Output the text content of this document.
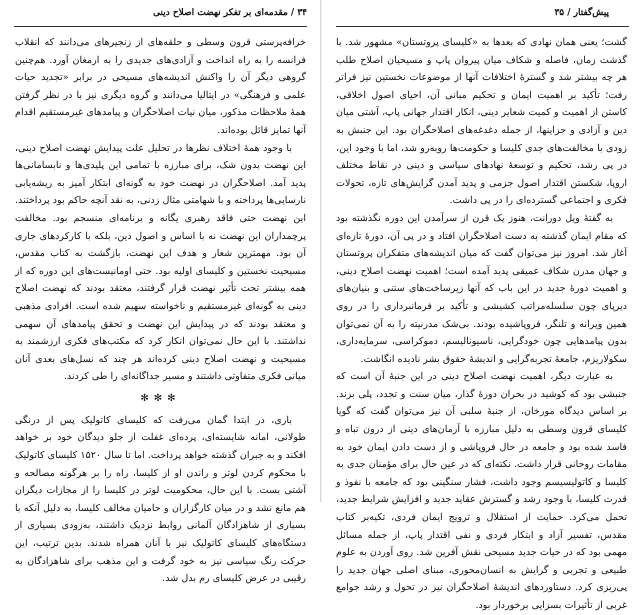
۳۴ / مقدمه‌ای بر تفکر نهضت اصلاح دینی

خرافه‌پرستی قرون وسطی و حلقه‌های از زنجیرهای می‌دانند که انقلاب فرانسه را به راه انداخت و آزادی‌های جدیدی را به ارمغان آورد. هم‌چنین گروهی دیگر آن را واکنش اندیشه‌های مسیحی در برابر «تجدید حیات علمی و فرهنگی» در ایتالیا می‌دانند و گروه دیگری نیز با در نظر گرفتن همهٔ ملاحظات مذکور، میان نیات اصلاحگران و پیامدهای غیرمستقیم اقدام آنها تمایز قائل بوده‌اند.

با وجود همهٔ اختلاف نظرها در تحلیل علت پیدایش نهضت اصلاح دینی، این نهضت بدون شک، برای مبارزه با تمامی این پلیدی‌ها و نابسامانی‌ها پدید آمد. اصلاحگران در نهضت خود به گونه‌ای ابتکار آمیز به ریشه‌یابی نارسایی‌ها پرداخته و با شهامتی مثال زدنی، به نقد آنچه حاکم بود پرداختند. این نهضت حتی فاقد رهبری یگانه و برنامه‌ای منسجم بود. مخالفت پرچمداران این نهضت نه با اساس و اصول دین، بلکه با کارکردهای جاری آن بود. مهمترین شعار و هدف این نهضت، بازگشت به کتاب مقدس، مسیحیت نخستین و کلیسای اولیه بود. حتی اومانیست‌های این دوره که از همه بیشتر تحت تأثیر نهضت قرار گرفتند، معتقد بودند که نهضت اصلاح دینی به گونه‌ای غیرمستقیم و ناخواسته سهیم شده است. افرادی مذهبی و معتقد بودند که در پیدایش این نهضت و تحقق پیامدهای آن سهمی نداشتند. با این حال نمی‌توان انکار کرد که مکتب‌های فکری ارزشمند به مسیحیت و نهضت اصلاح دینی کرده‌اند هر چند که نسل‌های بعدی آنان میانی فکری متفاوتی داشتند و مسیر جداگانه‌ای را طی کردند.

✻✻✻

باری، در ابتدا گمان می‌رفت که کلیسای کاتولیک پس از درنگی طولانی، امانه شایسته‌ای، پرده‌ای غفلت از جلو دیدگان خود بر خواهد افکند و به جبران گذشته خواهد پرداخت. اما تا سال ۱۵۲۰ کلیسای کاتولیک با محکوم کردن لوتر و راندن او از کلیسا، راه را بر هرگونه مصالحه و آشتی بست. با این حال، محکومیت لوتر در کلیسا را از مجازات دیگران هم مانع نشد و در میان کارگزاران و حامیان مخالف کلیسا، به دلیل آنکه با بسیاری از شاهزادگان آلمانی روابط نزدیک داشتند، به‌زودی بسیاری از دستگاه‌های کلیسای کاتولیک نیز با آنان همراه شدند. بدین ترتیب، این حرکت رنگ سیاسی نیز به خود گرفت و این مذهب برای شاهزادگان به رقیبی در عرض کلیسای رم بدل شد.

پیش‌گفتار / ۳۵

گشت؛ یعنی همان نهادی که بعدها به «کلیسای پروتستان» مشهور شد. با گذشت زمان، فاصله و شکاف میان پیروان پاپ و مسیحیان اصلاح طلب هر چه بیشتر شد و گسترهٔ اختلافات آنها از موضوعات نخستین نیز فراتر رفت؛ تأکید بر اهمیت ایمان و تحکیم مبانی آن، احیای اصول اخلاقی، کاستن از اهمیت و کمیت شعایر دینی، انکار اقتدار جهانی پاپ، آشتی میان دین و آزادی و جزاینها، از جمله دغدغه‌های اصلاحگران بود. این جنبش به زودی با مخالفت‌های جدی کلیسا و حکومت‌ها روبه‌رو شد، اما با وجود این، در پی رشد، تحکیم و توسعهٔ نهادهای سیاسی و دینی در نقاط مختلف اروپا، شکستن اقتدار اصول جزمی و پدید آمدن گرایش‌های تازه، تحولات فکری و اجتماعی گسترده‌ای را در پی داشت.

به گفتهٔ ویل دورانت، هنوز یک قرن از سرآمدن این دوره نگذشته بود که مقام ایمان گذشته به دست اصلاحگران افتاد و در پی آن، دورهٔ تازه‌ای آغاز شد. امروز نیز می‌توان گفت که میان اندیشه‌های متفکران پروتستان و جهان مدرن شکاف عمیقی پدید آمده است؛ اهمیت نهضت اصلاح دینی، و اهمیت دورهٔ جدید در این باب که آنها زیرساخت‌های ستنی و بنیان‌های دیرپای چون سلسله‌مراتب کشیشی و تأکید بر فرمانبرداری را در روی همین ویرانه و تلنگر، فروپاشیده بودند. بی‌شک مدرنیته را به آن نمی‌توان بدون پیامدهایی چون خودگرایی، ناسیونالیسم، دموکراسی، سرمایه‌داری، سکولاریزم، جامعهٔ تجربه‌گرایی و اندیشهٔ حقوق بشر نادیده انگاشت.

به عبارت دیگر، اهمیت نهضت اصلاح دینی در این جنبهٔ آن است که جنبشی بود که کوشید در بحران دورهٔ گذار، میان سنت و تجدد، پلی بزند. بر اساس دیدگاه مورخان، از جنبهٔ سلبی آن نیز می‌توان گفت که گویا کلیسای قرون وسطی به دلیل مبارزه با آرمان‌های دینی از درون تباه و فاسد شده بود و جامعه در حال فروپاشی و از دست دادن ایمان خود به مقامات روحانی قرار داشت. نکته‌ای که در عین حال برای مؤمنان جدی به کلیسا و کاتولیسیسم وجود داشت، فشار سنگینی بود که جامعه با نفوذ و قدرت کلیسا، با وجود رشد و گسترش عقاید جدید و افزایش شرایط جدید، تحمل می‌کرد. حمایت از استقلال و ترویج ایمان فردی، تکیه‌بر کتاب مقدس، تفسیر آزاد و ابتکار فردی و نفی اقتدار پاپ، از جمله مسائل مهمی بود که در حیات جدید مسیحی نقش آفرین شد. روی آوردن به علوم طبیعی و تجربی و گرایش به انسان‌محوری، مبنای اصلی جهان جدید را پی‌ریزی کرد. دستاوردهای اندیشهٔ اصلاحگران نیز در تحول و رشد جوامع غربی از تأثیرات بسزایی برخوردار بود.
